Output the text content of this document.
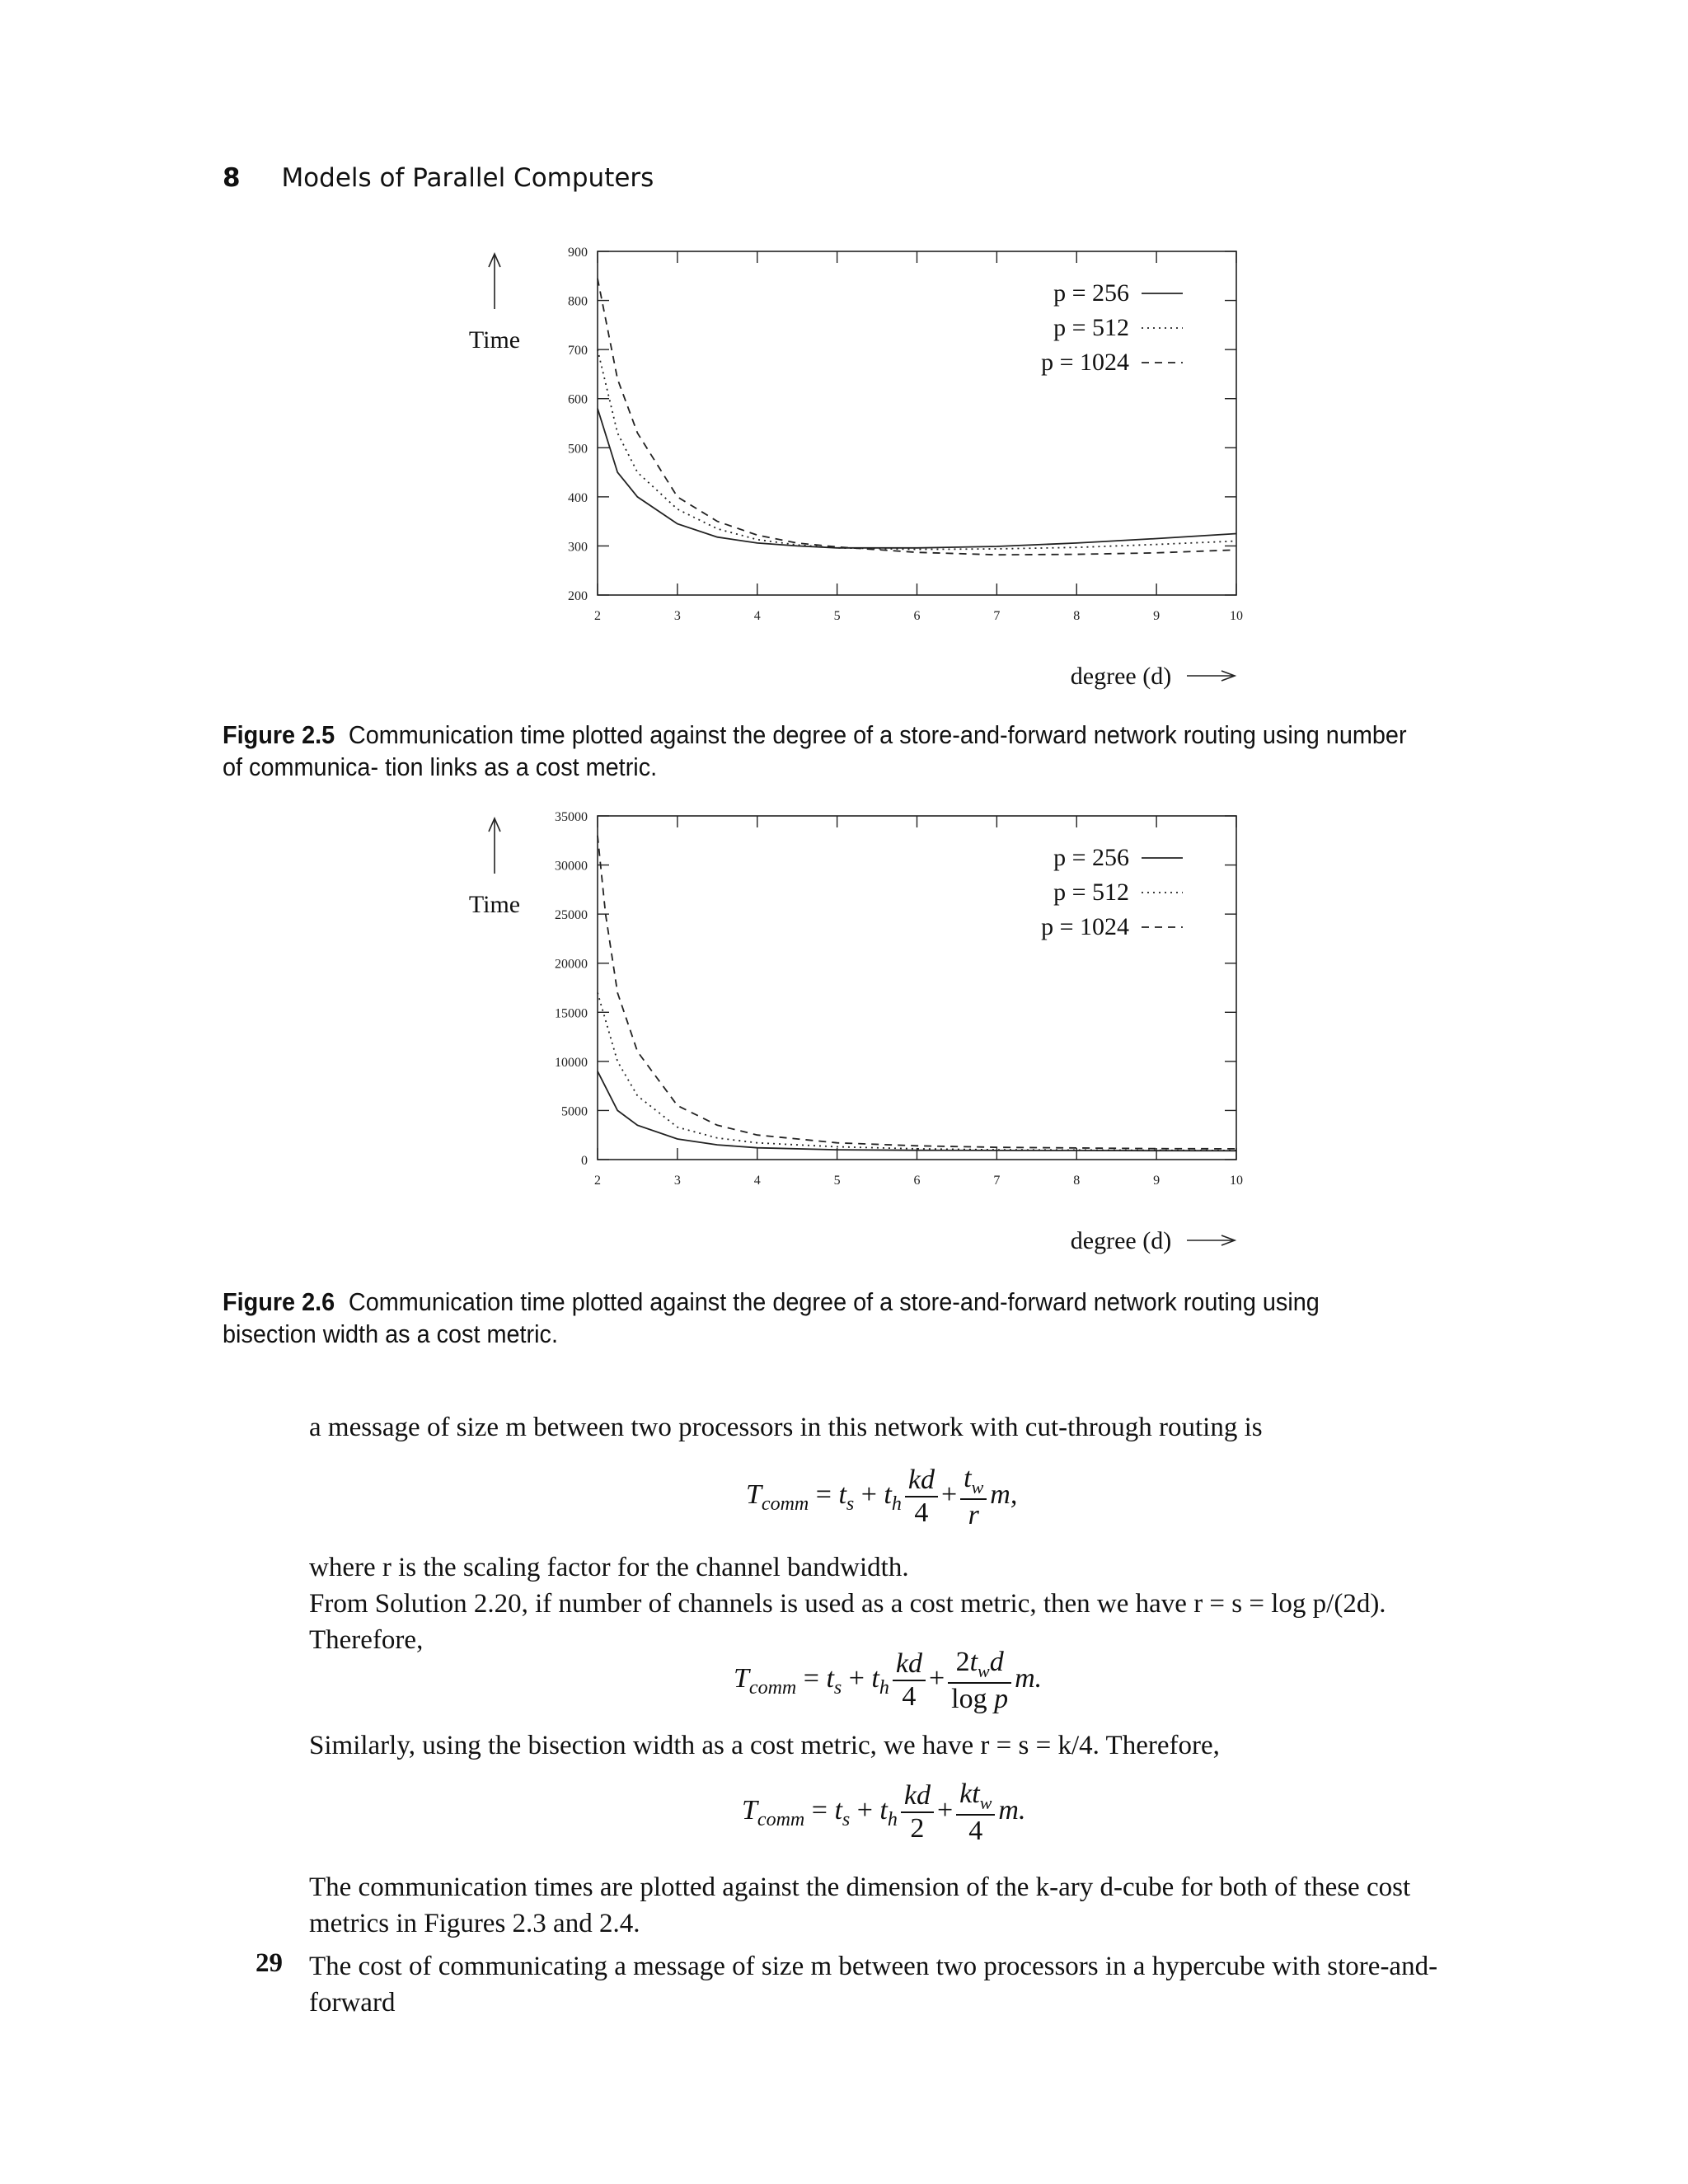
8 Models of Parallel Computers
2	3	4	5	6	7	8	9	10
200
300
400
500
600
700
800
900
p = 256
p = 512
p = 1024
Time
degree (d)
Figure 2.5 Communication time plotted against the degree of a store-and-forward network routing using number of communica- tion links as a cost metric.
2	3	4	5	6	7	8	9	10
0
5000
10000
15000
20000
25000
30000
35000
p = 256
p = 512
p = 1024
Time
degree (d)
Figure 2.6 Communication time plotted against the degree of a store-and-forward network routing using bisection width as a cost metric.
a message of size m between two processors in this network with cut-through routing is
$T_{comm} = t_s + t_h \frac{kd}{4} + \frac{t_w}{r} m$,
where r is the scaling factor for the channel bandwidth.
From Solution 2.20, if number of channels is used as a cost metric, then we have r = s = log p/(2d).
Therefore,
$T_{comm} = t_s + t_h \frac{kd}{4} + \frac{2t_wd}{\text{log p}} m$.
Similarly, using the bisection width as a cost metric, we have r = s = k/4. Therefore,
$T_{comm} = t_s + t_h \frac{kd}{2} + \frac{kt_w}{4} m$.
The communication times are plotted against the dimension of the k-ary d-cube for both of these cost metrics in Figures 2.3 and 2.4.
29 The cost of communicating a message of size m between two processors in a hypercube with store-and-forward
